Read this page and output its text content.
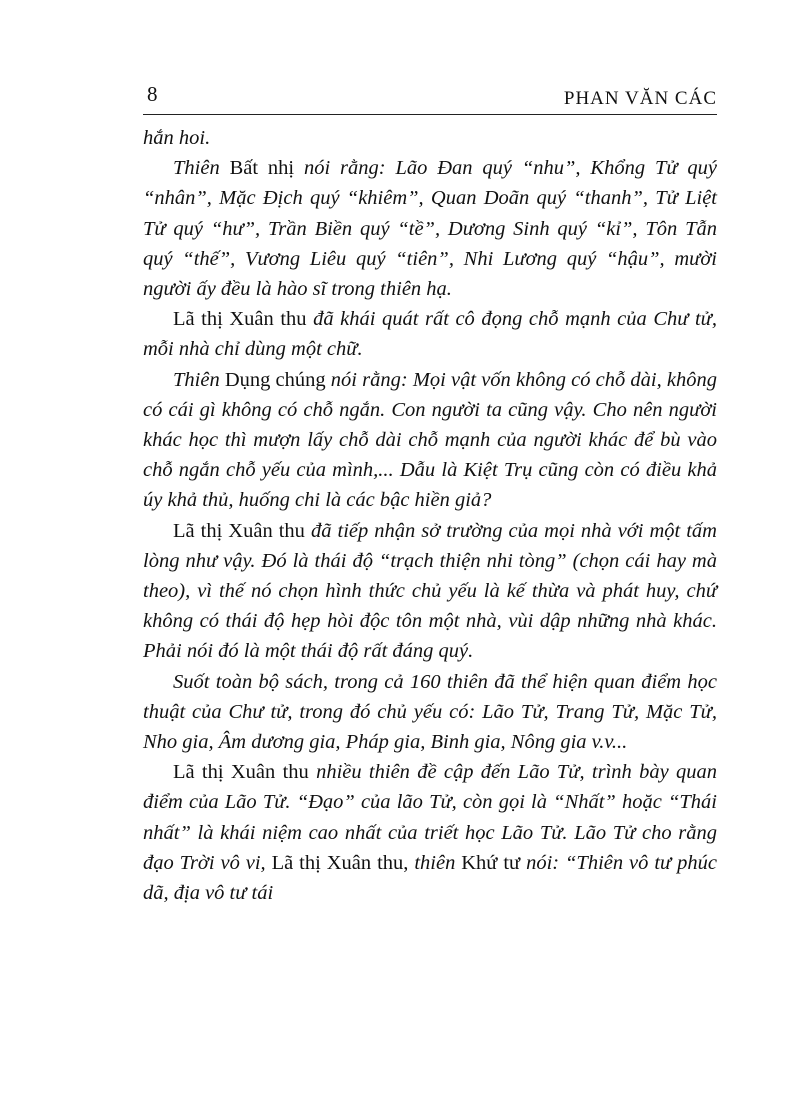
8	PHAN VĂN CÁC

hắn hoi.

Thiên Bất nhị nói rằng: Lão Đan quý “nhu”, Khổng Tử quý “nhân”, Mặc Địch quý “khiêm”, Quan Doãn quý “thanh”, Tử Liệt Tử quý “hư”, Trần Biền quý “tề”, Dương Sinh quý “kỉ”, Tôn Tẫn quý “thế”, Vương Liêu quý “tiên”, Nhi Lương quý “hậu”, mười người ấy đều là hào sĩ trong thiên hạ.

Lã thị Xuân thu đã khái quát rất cô đọng chỗ mạnh của Chư tử, mỗi nhà chỉ dùng một chữ.

Thiên Dụng chúng nói rằng: Mọi vật vốn không có chỗ dài, không có cái gì không có chỗ ngắn. Con người ta cũng vậy. Cho nên người khác học thì mượn lấy chỗ dài chỗ mạnh của người khác để bù vào chỗ ngắn chỗ yếu của mình,... Dẫu là Kiệt Trụ cũng còn có điều khả úy khả thủ, huống chi là các bậc hiền giả?

Lã thị Xuân thu đã tiếp nhận sở trường của mọi nhà với một tấm lòng như vậy. Đó là thái độ “trạch thiện nhi tòng” (chọn cái hay mà theo), vì thế nó chọn hình thức chủ yếu là kế thừa và phát huy, chứ không có thái độ hẹp hòi độc tôn một nhà, vùi dập những nhà khác. Phải nói đó là một thái độ rất đáng quý.

Suốt toàn bộ sách, trong cả 160 thiên đã thể hiện quan điểm học thuật của Chư tử, trong đó chủ yếu có: Lão Tử, Trang Tử, Mặc Tử, Nho gia, Âm dương gia, Pháp gia, Binh gia, Nông gia v.v...

Lã thị Xuân thu nhiều thiên đề cập đến Lão Tử, trình bày quan điểm của Lão Tử. “Đạo” của lão Tử, còn gọi là “Nhất” hoặc “Thái nhất” là khái niệm cao nhất của triết học Lão Tử. Lão Tử cho rằng đạo Trời vô vi, Lã thị Xuân thu, thiên Khứ tư nói: “Thiên vô tư phúc dã, địa vô tư tái
